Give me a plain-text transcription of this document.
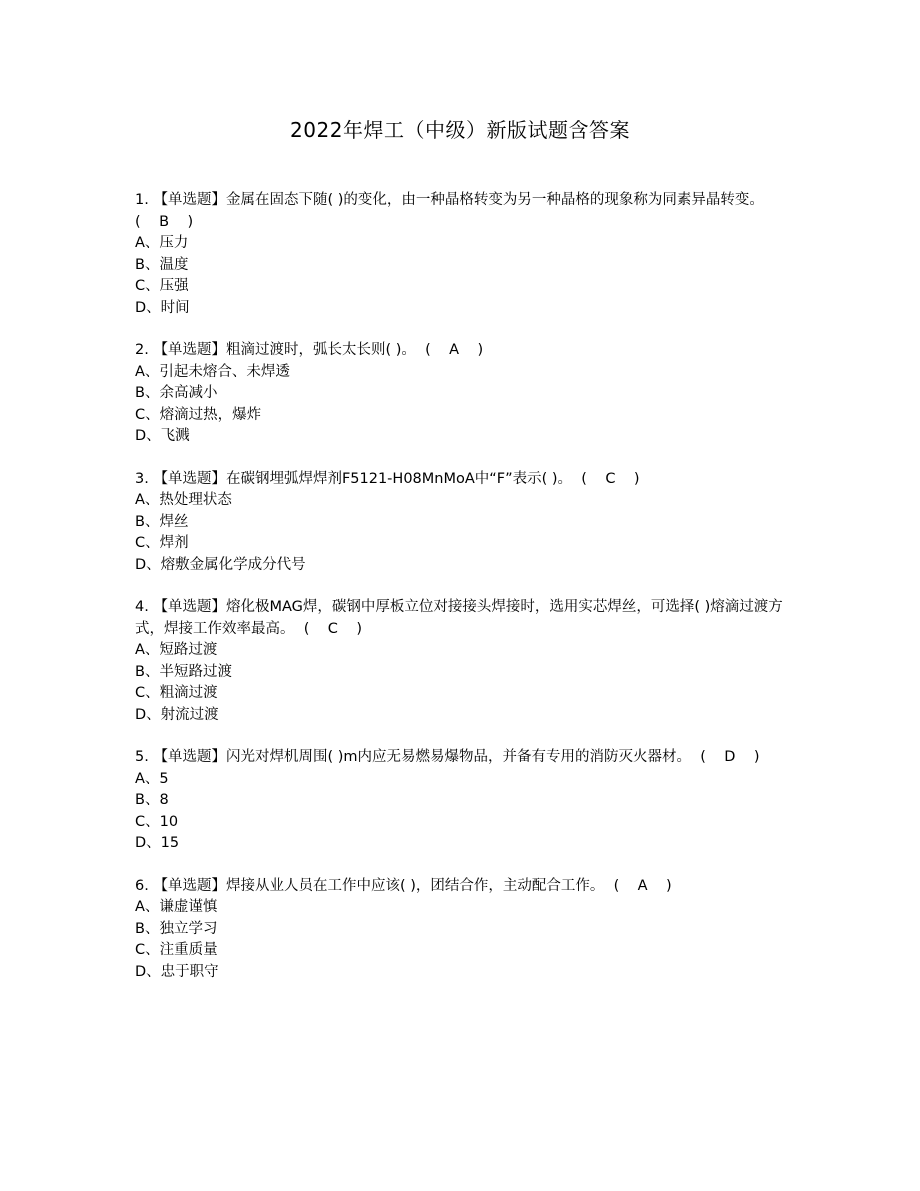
2022年焊工（中级）新版试题含答案
1. 【单选题】金属在固态下随( )的变化，由一种晶格转变为另一种晶格的现象称为同素异晶转变。  (    B    )
A、压力
B、温度
C、压强
D、时间
2. 【单选题】粗滴过渡时，弧长太长则( )。 (    A    )
A、引起未熔合、未焊透
B、余高减小
C、熔滴过热，爆炸
D、飞溅
3. 【单选题】在碳钢埋弧焊焊剂F5121-H08MnMoA中“F”表示( )。 (    C    )
A、热处理状态
B、焊丝
C、焊剂
D、熔敷金属化学成分代号
4. 【单选题】熔化极MAG焊，碳钢中厚板立位对接接头焊接时，选用实芯焊丝，可选择( )熔滴过渡方式，焊接工作效率最高。 (    C    )
A、短路过渡
B、半短路过渡
C、粗滴过渡
D、射流过渡
5. 【单选题】闪光对焊机周围( )m内应无易燃易爆物品，并备有专用的消防灭火器材。 (    D    )
A、5
B、8
C、10
D、15
6. 【单选题】焊接从业人员在工作中应该( )，团结合作，主动配合工作。 (    A    )
A、谦虚谨慎
B、独立学习
C、注重质量
D、忠于职守
